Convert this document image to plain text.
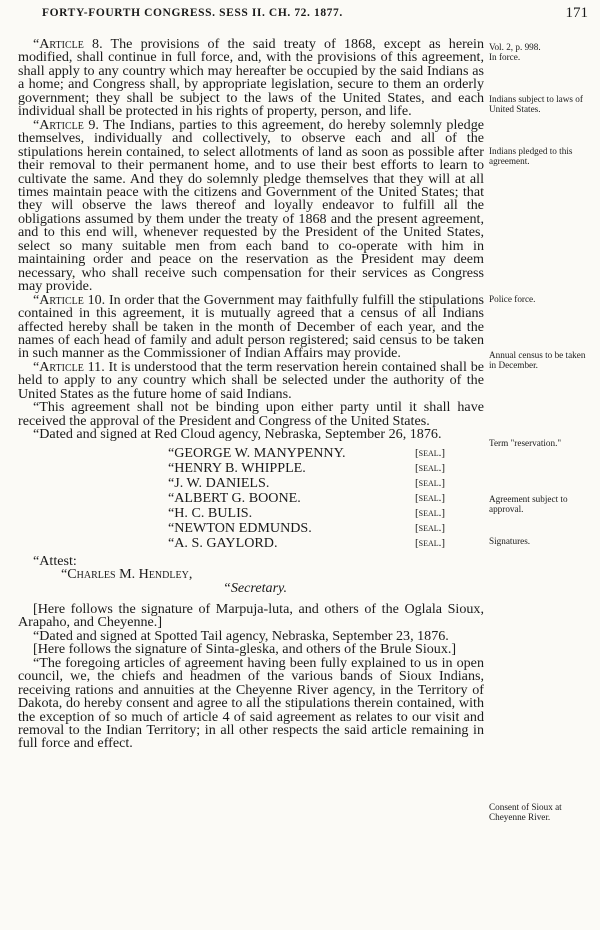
FORTY-FOURTH CONGRESS. SESS II. CH. 72. 1877.	171

“Article 8. The provisions of the said treaty of 1868, except as herein modified, shall continue in full force, and, with the provisions of this agreement, shall apply to any country which may hereafter be occupied by the said Indians as a home; and Congress shall, by appropriate legislation, secure to them an orderly government; they shall be subject to the laws of the United States, and each individual shall be protected in his rights of property, person, and life.

“Article 9. The Indians, parties to this agreement, do hereby solemnly pledge themselves, individually and collectively, to observe each and all of the stipulations herein contained, to select allotments of land as soon as possible after their removal to their permanent home, and to use their best efforts to learn to cultivate the same. And they do solemnly pledge themselves that they will at all times maintain peace with the citizens and Government of the United States; that they will observe the laws thereof and loyally endeavor to fulfill all the obligations assumed by them under the treaty of 1868 and the present agreement, and to this end will, whenever requested by the President of the United States, select so many suitable men from each band to co-operate with him in maintaining order and peace on the reservation as the President may deem necessary, who shall receive such compensation for their services as Congress may provide.

“Article 10. In order that the Government may faithfully fulfill the stipulations contained in this agreement, it is mutually agreed that a census of all Indians affected hereby shall be taken in the month of December of each year, and the names of each head of family and adult person registered; said census to be taken in such manner as the Commissioner of Indian Affairs may provide.

“Article 11. It is understood that the term reservation herein contained shall be held to apply to any country which shall be selected under the authority of the United States as the future home of said Indians.

“This agreement shall not be binding upon either party until it shall have received the approval of the President and Congress of the United States.

“Dated and signed at Red Cloud agency, Nebraska, September 26, 1876.

“GEORGE W. MANYPENNY.	[seal.]
“HENRY B. WHIPPLE.	[seal.]
“J. W. DANIELS.	[seal.]
“ALBERT G. BOONE.	[seal.]
“H. C. BULIS.	[seal.]
“NEWTON EDMUNDS.	[seal.]
“A. S. GAYLORD.	[seal.]
“Attest:
“Charles M. Hendley,
“Secretary.

[Here follows the signature of Marpuja-luta, and others of the Oglala Sioux, Arapaho, and Cheyenne.]

“Dated and signed at Spotted Tail agency, Nebraska, September 23, 1876.

[Here follows the signature of Sinta-gleska, and others of the Brule Sioux.]

“The foregoing articles of agreement having been fully explained to us in open council, we, the chiefs and headmen of the various bands of Sioux Indians, receiving rations and annuities at the Cheyenne River agency, in the Territory of Dakota, do hereby consent and agree to all the stipulations therein contained, with the exception of so much of article 4 of said agreement as relates to our visit and removal to the Indian Territory; in all other respects the said article remaining in full force and effect.

Vol. 2, p. 998.
In force.
Indians subject to laws of United States.
Indians pledged to this agreement.
Police force.
Annual census to be taken in December.
Term "reservation."
Agreement subject to approval.
Signatures.
Consent of Sioux at Cheyenne River.
